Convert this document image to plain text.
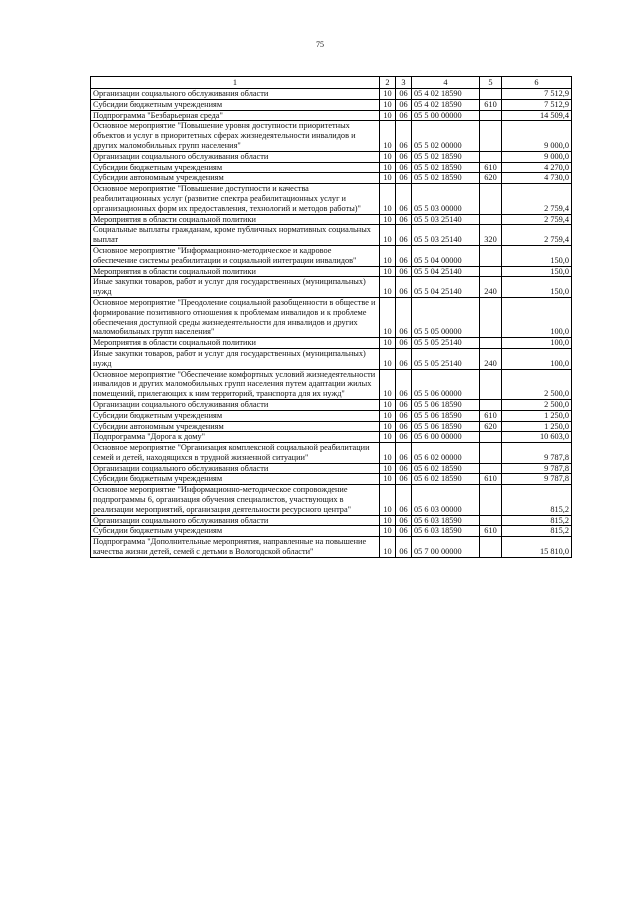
75
1	2	3	4	5	6
Организации социального обслуживания области	10	06	05 4 02 18590		7 512,9
Субсидии бюджетным учреждениям	10	06	05 4 02 18590	610	7 512,9
Подпрограмма "Безбарьерная среда"	10	06	05 5 00 00000		14 509,4
Основное мероприятие "Повышение уровня доступности приоритетных объектов и услуг в приоритетных сферах жизнедеятельности инвалидов и других маломобильных групп населения"	10	06	05 5 02 00000		9 000,0
Организации социального обслуживания области	10	06	05 5 02 18590		9 000,0
Субсидии бюджетным учреждениям	10	06	05 5 02 18590	610	4 270,0
Субсидии автономным учреждениям	10	06	05 5 02 18590	620	4 730,0
Основное мероприятие "Повышение доступности и качества реабилитационных услуг (развитие спектра реабилитационных услуг и организационных форм их предоставления, технологий и методов работы)"	10	06	05 5 03 00000		2 759,4
Мероприятия в области социальной политики	10	06	05 5 03 25140		2 759,4
Социальные выплаты гражданам, кроме публичных нормативных социальных выплат	10	06	05 5 03 25140	320	2 759,4
Основное мероприятие "Информационно-методическое и кадровое обеспечение системы реабилитации и социальной интеграции инвалидов"	10	06	05 5 04 00000		150,0
Мероприятия в области социальной политики	10	06	05 5 04 25140		150,0
Иные закупки товаров, работ и услуг для государственных (муниципальных) нужд	10	06	05 5 04 25140	240	150,0
Основное мероприятие "Преодоление социальной разобщенности в обществе и формирование позитивного отношения к проблемам инвалидов и к проблеме обеспечения доступной среды жизнедеятельности для инвалидов и других маломобильных групп населения"	10	06	05 5 05 00000		100,0
Мероприятия в области социальной политики	10	06	05 5 05 25140		100,0
Иные закупки товаров, работ и услуг для государственных (муниципальных) нужд	10	06	05 5 05 25140	240	100,0
Основное мероприятие "Обеспечение комфортных условий жизнедеятельности инвалидов и других маломобильных групп населения путем адаптации жилых помещений, прилегающих к ним территорий, транспорта для их нужд"	10	06	05 5 06 00000		2 500,0
Организации социального обслуживания области	10	06	05 5 06 18590		2 500,0
Субсидии бюджетным учреждениям	10	06	05 5 06 18590	610	1 250,0
Субсидии автономным учреждениям	10	06	05 5 06 18590	620	1 250,0
Подпрограмма "Дорога к дому"	10	06	05 6 00 00000		10 603,0
Основное мероприятие "Организация комплексной социальной реабилитации семей и детей, находящихся в трудной жизненной ситуации"	10	06	05 6 02 00000		9 787,8
Организации социального обслуживания области	10	06	05 6 02 18590		9 787,8
Субсидии бюджетным учреждениям	10	06	05 6 02 18590	610	9 787,8
Основное мероприятие "Информационно-методическое сопровождение подпрограммы 6, организация обучения специалистов, участвующих в реализации мероприятий, организация деятельности ресурсного центра"	10	06	05 6 03 00000		815,2
Организации социального обслуживания области	10	06	05 6 03 18590		815,2
Субсидии бюджетным учреждениям	10	06	05 6 03 18590	610	815,2
Подпрограмма "Дополнительные мероприятия, направленные на повышение качества жизни детей, семей с детьми в Вологодской области"	10	06	05 7 00 00000		15 810,0
